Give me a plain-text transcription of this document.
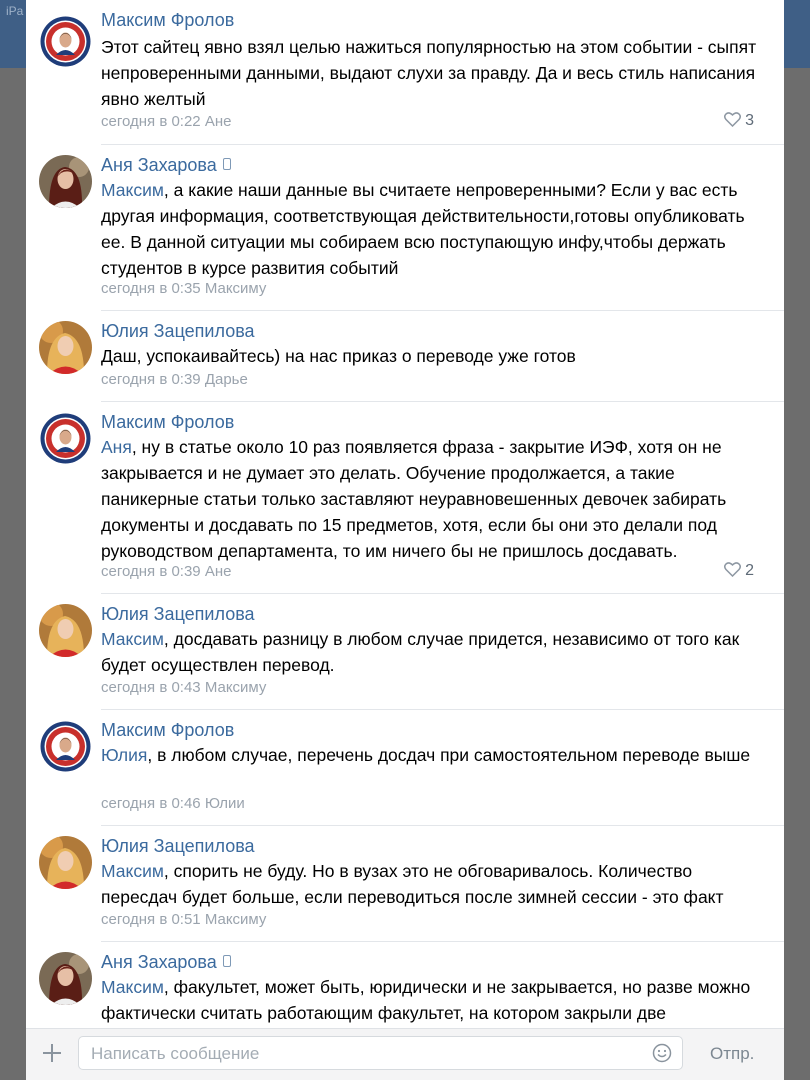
iPa	Максим Фролов
Этот сайтец явно взял целью нажиться популярностью на этом событии - сыпят непроверенными данными, выдают слухи за правду. Да и весь стиль написания явно желтый
сегодня в 0:22 Ане	3
Аня Захарова
Максим, а какие наши данные вы считаете непроверенными? Если у вас есть другая информация, соответствующая действительности,готовы опубликовать ее. В данной ситуации мы собираем всю поступающую инфу,чтобы держать студентов в курсе развития событий
сегодня в 0:35 Максиму
Юлия Зацепилова
Даш, успокаивайтесь) на нас приказ о переводе уже готов
сегодня в 0:39 Дарье
Максим Фролов
Аня, ну в статье около 10 раз появляется фраза - закрытие ИЭФ, хотя он не закрывается и не думает это делать. Обучение продолжается, а такие паникерные статьи только заставляют неуравновешенных девочек забирать документы и досдавать по 15 предметов, хотя, если бы они это делали под руководством департамента, то им ничего бы не пришлось досдавать.
сегодня в 0:39 Ане	2
Юлия Зацепилова
Максим, досдавать разницу в любом случае придется, независимо от того как будет осуществлен перевод.
сегодня в 0:43 Максиму
Максим Фролов
Юлия, в любом случае, перечень досдач при самостоятельном переводе выше
сегодня в 0:46 Юлии
Юлия Зацепилова
Максим, спорить не буду. Но в вузах это не обговаривалось. Количество пересдач будет больше, если переводиться после зимней сессии - это факт
сегодня в 0:51 Максиму
Аня Захарова
Максим, факультет, может быть, юридически и не закрывается, но разве можно фактически считать работающим факультет, на котором закрыли две
Написать сообщение
Отпр.
